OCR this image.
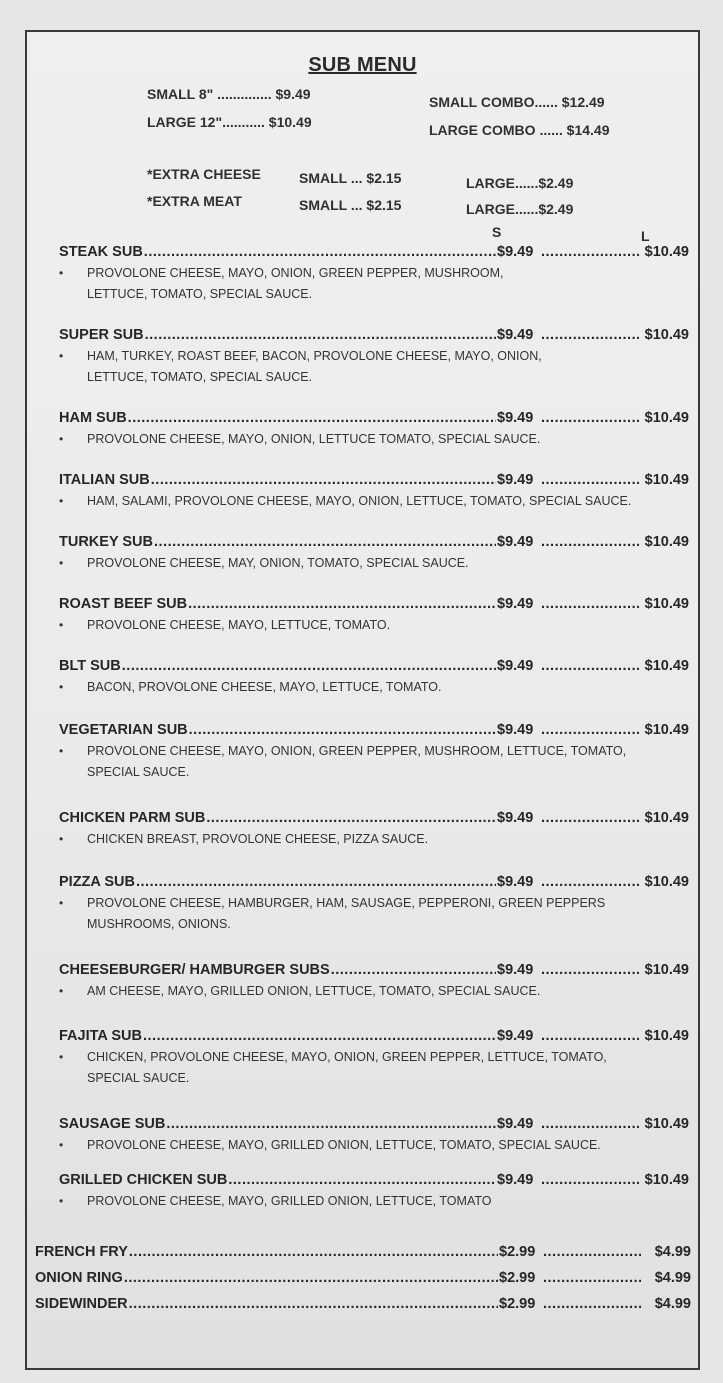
SUB MENU
SMALL 8" .............. $9.49
LARGE 12"........... $10.49
SMALL COMBO...... $12.49
LARGE COMBO ...... $14.49
*EXTRA CHEESE	SMALL ... $2.15	LARGE......$2.49
*EXTRA MEAT	SMALL ... $2.15	LARGE......$2.49
S	L
STEAK SUB .....	$9.49 .....	$10.49
• PROVOLONE CHEESE, MAYO, ONION, GREEN PEPPER, MUSHROOM,
LETTUCE, TOMATO, SPECIAL SAUCE.
SUPER SUB .....	$9.49 .....	$10.49
• HAM, TURKEY, ROAST BEEF, BACON, PROVOLONE CHEESE, MAYO, ONION,
LETTUCE, TOMATO, SPECIAL SAUCE.
HAM SUB .....	$9.49 .....	$10.49
• PROVOLONE CHEESE, MAYO, ONION, LETTUCE TOMATO, SPECIAL SAUCE.
ITALIAN SUB .....	$9.49 .....	$10.49
• HAM, SALAMI, PROVOLONE CHEESE, MAYO, ONION, LETTUCE, TOMATO, SPECIAL SAUCE.
TURKEY SUB .....	$9.49 .....	$10.49
• PROVOLONE CHEESE, MAY, ONION, TOMATO, SPECIAL SAUCE.
ROAST BEEF SUB .....	$9.49 .....	$10.49
• PROVOLONE CHEESE, MAYO, LETTUCE, TOMATO.
BLT SUB .....	$9.49 .....	$10.49
• BACON, PROVOLONE CHEESE, MAYO, LETTUCE, TOMATO.
VEGETARIAN SUB .....	$9.49 .....	$10.49
• PROVOLONE CHEESE, MAYO, ONION, GREEN PEPPER, MUSHROOM, LETTUCE, TOMATO,
SPECIAL SAUCE.
CHICKEN PARM SUB .....	$9.49 .....	$10.49
• CHICKEN BREAST, PROVOLONE CHEESE, PIZZA SAUCE.
PIZZA SUB .....	$9.49 .....	$10.49
• PROVOLONE CHEESE, HAMBURGER, HAM, SAUSAGE, PEPPERONI, GREEN PEPPERS
MUSHROOMS, ONIONS.
CHEESEBURGER/ HAMBURGER SUBS .....	$9.49 .....	$10.49
• AM CHEESE, MAYO, GRILLED ONION, LETTUCE, TOMATO, SPECIAL SAUCE.
FAJITA SUB .....	$9.49 .....	$10.49
• CHICKEN, PROVOLONE CHEESE, MAYO, ONION, GREEN PEPPER, LETTUCE, TOMATO,
SPECIAL SAUCE.
SAUSAGE SUB .....	$9.49 .....	$10.49
• PROVOLONE CHEESE, MAYO, GRILLED ONION, LETTUCE, TOMATO, SPECIAL SAUCE.
GRILLED CHICKEN SUB .....	$9.49 .....	$10.49
• PROVOLONE CHEESE, MAYO, GRILLED ONION, LETTUCE, TOMATO
FRENCH FRY .....	$2.99 .....	$4.99
ONION RING .....	$2.99 .....	$4.99
SIDEWINDER .....	$2.99 .....	$4.99
